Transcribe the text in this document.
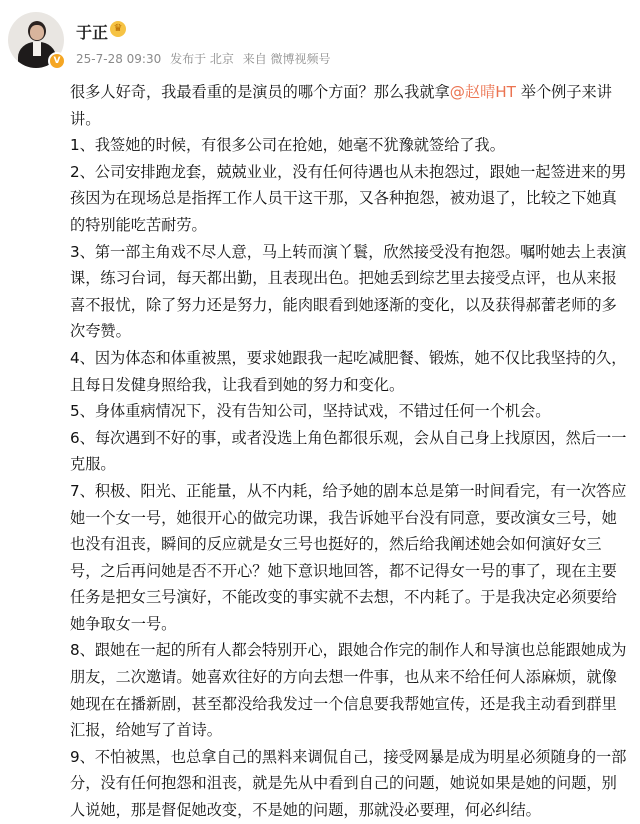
V
于正 ♛
25-7-28 09:30 发布于 北京 来自 微博视频号

很多人好奇，我最看重的是演员的哪个方面？那么我就拿@赵晴HT 举个例子来讲讲。

1、我签她的时候，有很多公司在抢她，她毫不犹豫就签给了我。

2、公司安排跑龙套，兢兢业业，没有任何待遇也从未抱怨过，跟她一起签进来的男孩因为在现场总是指挥工作人员干这干那，又各种抱怨，被劝退了，比较之下她真的特别能吃苦耐劳。

3、第一部主角戏不尽人意，马上转而演丫鬟，欣然接受没有抱怨。嘱咐她去上表演课，练习台词，每天都出勤，且表现出色。把她丢到综艺里去接受点评，也从来报喜不报忧，除了努力还是努力，能肉眼看到她逐渐的变化，以及获得郝蕾老师的多次夸赞。

4、因为体态和体重被黑，要求她跟我一起吃减肥餐、锻炼，她不仅比我坚持的久，且每日发健身照给我，让我看到她的努力和变化。

5、身体重病情况下，没有告知公司，坚持试戏，不错过任何一个机会。

6、每次遇到不好的事，或者没选上角色都很乐观，会从自己身上找原因，然后一一克服。

7、积极、阳光、正能量，从不内耗，给予她的剧本总是第一时间看完，有一次答应她一个女一号，她很开心的做完功课，我告诉她平台没有同意，要改演女三号，她也没有沮丧，瞬间的反应就是女三号也挺好的，然后给我阐述她会如何演好女三号，之后再问她是否不开心？她下意识地回答，都不记得女一号的事了，现在主要任务是把女三号演好，不能改变的事实就不去想，不内耗了。于是我决定必须要给她争取女一号。

8、跟她在一起的所有人都会特别开心，跟她合作完的制作人和导演也总能跟她成为朋友，二次邀请。她喜欢往好的方向去想一件事，也从来不给任何人添麻烦，就像她现在在播新剧，甚至都没给我发过一个信息要我帮她宣传，还是我主动看到群里汇报，给她写了首诗。

9、不怕被黑，也总拿自己的黑料来调侃自己，接受网暴是成为明星必须随身的一部分，没有任何抱怨和沮丧，就是先从中看到自己的问题，她说如果是她的问题，别人说她，那是督促她改变，不是她的问题，那就没必要理，何必纠结。
